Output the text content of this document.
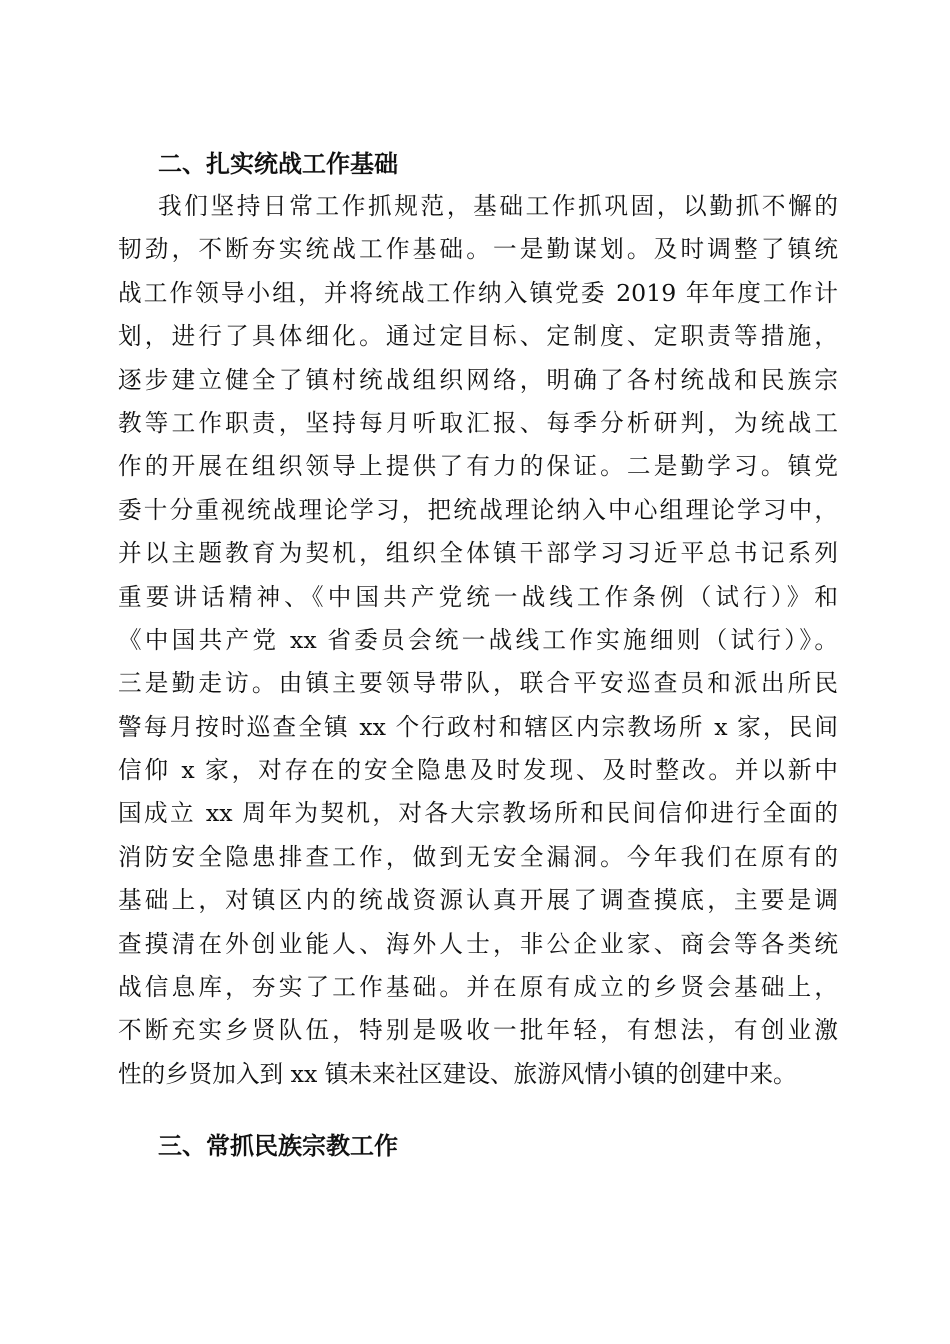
二、扎实统战工作基础
我们坚持日常工作抓规范，基础工作抓巩固，以勤抓不懈的
韧劲，不断夯实统战工作基础。一是勤谋划。及时调整了镇统
战工作领导小组，并将统战工作纳入镇党委 2019 年年度工作计
划，进行了具体细化。通过定目标、定制度、定职责等措施，
逐步建立健全了镇村统战组织网络，明确了各村统战和民族宗
教等工作职责，坚持每月听取汇报、每季分析研判，为统战工
作的开展在组织领导上提供了有力的保证。二是勤学习。镇党
委十分重视统战理论学习，把统战理论纳入中心组理论学习中，
并以主题教育为契机，组织全体镇干部学习习近平总书记系列
重要讲话精神、《中国共产党统一战线工作条例（试行）》和
《中国共产党 xx 省委员会统一战线工作实施细则（试行）》。
三是勤走访。由镇主要领导带队，联合平安巡查员和派出所民
警每月按时巡查全镇 xx 个行政村和辖区内宗教场所 x 家，民间
信仰 x 家，对存在的安全隐患及时发现、及时整改。并以新中
国成立 xx 周年为契机，对各大宗教场所和民间信仰进行全面的
消防安全隐患排查工作，做到无安全漏洞。今年我们在原有的
基础上，对镇区内的统战资源认真开展了调查摸底，主要是调
查摸清在外创业能人、海外人士，非公企业家、商会等各类统
战信息库，夯实了工作基础。并在原有成立的乡贤会基础上，
不断充实乡贤队伍，特别是吸收一批年轻，有想法，有创业激
性的乡贤加入到 xx 镇未来社区建设、旅游风情小镇的创建中来。
三、常抓民族宗教工作
